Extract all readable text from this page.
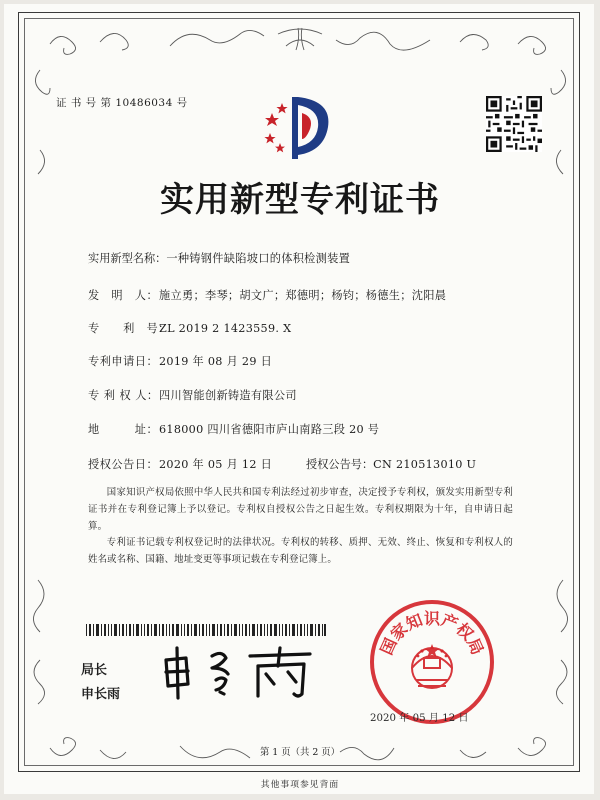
证 书 号 第 10486034 号
实用新型专利证书
实用新型名称：一种铸钢件缺陷坡口的体积检测装置
发　明　人：施立勇；李琴；胡文广；郑德明；杨钧；杨德生；沈阳晨
专　　利　号：ZL 2019 2 1423559. X
专利申请日：2019 年 08 月 29 日
专 利 权 人：四川智能创新铸造有限公司
地　　　址：618000 四川省德阳市庐山南路三段 20 号
授权公告日：2020 年 05 月 12 日	授权公告号：CN 210513010 U
国家知识产权局依照中华人民共和国专利法经过初步审查，决定授予专利权，颁发实用新型专利证书并在专利登记簿上予以登记。专利权自授权公告之日起生效。专利权期限为十年，自申请日起算。
专利证书记载专利权登记时的法律状况。专利权的转移、质押、无效、终止、恢复和专利权人的姓名或名称、国籍、地址变更等事项记载在专利登记簿上。
局长
申长雨
国家知识产权局
2020 年 05 月 12 日
第 1 页（共 2 页）
其他事项参见背面
